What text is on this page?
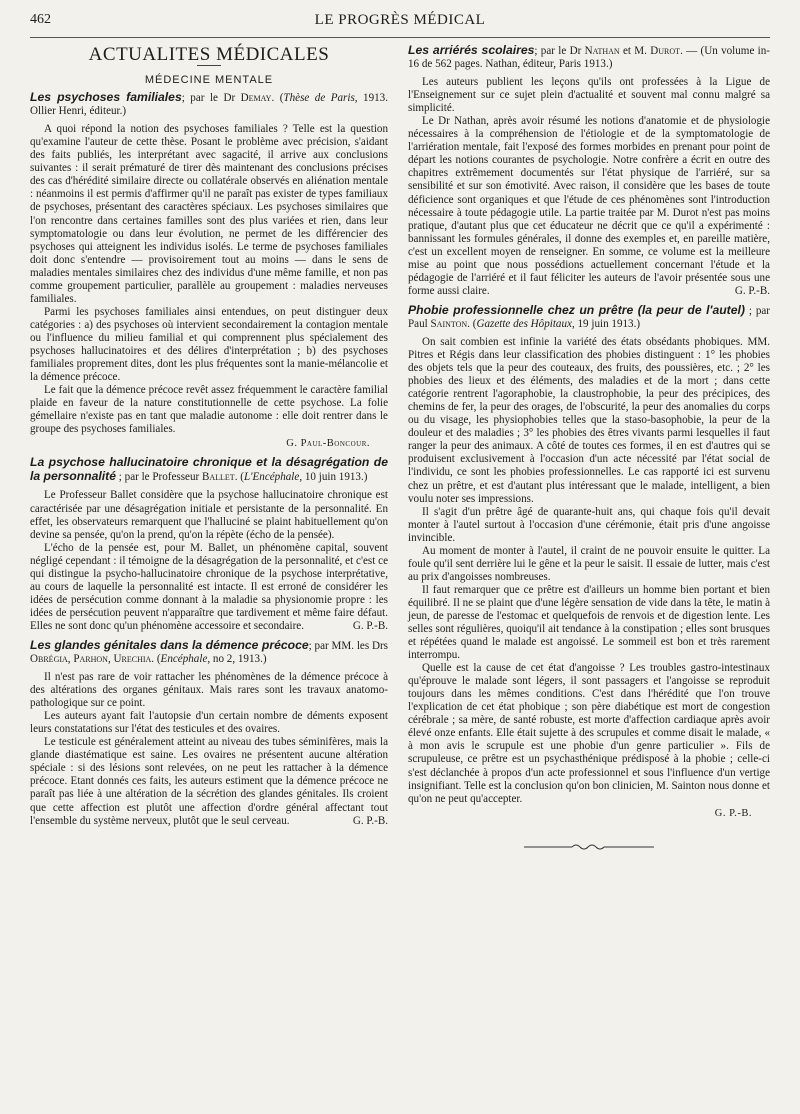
462	LE PROGRÈS MÉDICAL
ACTUALITES MÉDICALES
MÉDECINE MENTALE

Les psychoses familiales; par le Dr Demay. (Thèse de Paris, 1913. Ollier Henri, éditeur.)

A quoi répond la notion des psychoses familiales ? Telle est la question qu'examine l'auteur de cette thèse. Posant le problème avec précision, s'aidant des faits publiés, les interprétant avec sagacité, il arrive aux conclusions suivantes : il serait prématuré de tirer dès maintenant des conclusions précises des cas d'hérédité similaire directe ou collatérale observés en aliénation mentale : néanmoins il est permis d'affirmer qu'il ne paraît pas exister de types familiaux de psychoses, présentant des caractères spéciaux. Les psychoses similaires que l'on rencontre dans certaines familles sont des plus variées et rien, dans leur symptomatologie ou dans leur évolution, ne permet de les différencier des psychoses qui atteignent les individus isolés. Le terme de psychoses familiales doit donc s'entendre — provisoirement tout au moins — dans le sens de maladies mentales similaires chez des individus d'une même famille, et non pas comme groupement particulier, parallèle au groupement : maladies nerveuses familiales.

Parmi les psychoses familiales ainsi entendues, on peut distinguer deux catégories : a) des psychoses où intervient secondairement la contagion mentale ou l'influence du milieu familial et qui comprennent plus spécialement des psychoses hallucinatoires et des délires d'interprétation ; b) des psychoses familiales proprement dites, dont les plus fréquentes sont la manie-mélancolie et la démence précoce.

Le fait que la démence précoce revêt assez fréquemment le caractère familial plaide en faveur de la nature constitutionnelle de cette psychose. La folie gémellaire n'existe pas en tant que maladie autonome : elle doit rentrer dans le groupe des psychoses familiales.

G. Paul-Boncour.

La psychose hallucinatoire chronique et la désagrégation de la personnalité ; par le Professeur Ballet. (L'Encéphale, 10 juin 1913.)

Le Professeur Ballet considère que la psychose hallucinatoire chronique est caractérisée par une désagrégation initiale et persistante de la personnalité. En effet, les observateurs remarquent que l'halluciné se plaint habituellement qu'on devine sa pensée, qu'on la prend, qu'on la répète (écho de la pensée).

L'écho de la pensée est, pour M. Ballet, un phénomène capital, souvent négligé cependant : il témoigne de la désagrégation de la personnalité, et c'est ce qui distingue la psycho-hallucinatoire chronique de la psychose interprétative, au cours de laquelle la personnalité est intacte. Il est erroné de considérer les idées de persécution comme donnant à la maladie sa physionomie propre : les idées de persécution peuvent n'apparaître que tardivement et même faire défaut. Elles ne sont donc qu'un phénomène accessoire et secondaire.	G. P.-B.

Les glandes génitales dans la démence précoce; par MM. les Drs Obrégia, Parhon, Urechia. (Encéphale, no 2, 1913.)

Il n'est pas rare de voir rattacher les phénomènes de la démence précoce à des altérations des organes génitaux. Mais rares sont les travaux anatomo-pathologique sur ce point.

Les auteurs ayant fait l'autopsie d'un certain nombre de déments exposent leurs constatations sur l'état des testicules et des ovaires.

Le testicule est généralement atteint au niveau des tubes séminifères, mais la glande diastématique est saine. Les ovaires ne présentent aucune altération spéciale : si des lésions sont relevées, on ne peut les rattacher à la démence précoce. Etant donnés ces faits, les auteurs estiment que la démence précoce ne paraît pas liée à une altération de la sécrétion des glandes génitales. Ils croient que cette affection est plutôt une affection d'ordre général affectant tout l'ensemble du système nerveux, plutôt que le seul cerveau.	G. P.-B.

Les arriérés scolaires; par le Dr Nathan et M. Durot. — (Un volume in-16 de 562 pages. Nathan, éditeur, Paris 1913.)

Les auteurs publient les leçons qu'ils ont professées à la Ligue de l'Enseignement sur ce sujet plein d'actualité et souvent mal connu malgré sa simplicité.

Le Dr Nathan, après avoir résumé les notions d'anatomie et de physiologie nécessaires à la compréhension de l'étiologie et de la symptomatologie de l'arriération mentale, fait l'exposé des formes morbides en prenant pour point de départ les notions courantes de psychologie. Notre confrère a écrit en outre des chapitres extrêmement documentés sur l'état physique de l'arriéré, sur sa sensibilité et sur son émotivité. Avec raison, il considère que les bases de toute déficience sont organiques et que l'étude de ces phénomènes sont l'introduction nécessaire à toute pédagogie utile. La partie traitée par M. Durot n'est pas moins pratique, d'autant plus que cet éducateur ne décrit que ce qu'il a expérimenté : bannissant les formules générales, il donne des exemples et, en pareille matière, c'est un excellent moyen de renseigner. En somme, ce volume est la meilleure mise au point que nous possédions actuellement concernant l'étude et la pédagogie de l'arriéré et il faut féliciter les auteurs de l'avoir présentée sous une forme aussi claire.	G. P.-B.

Phobie professionnelle chez un prêtre (la peur de l'autel) ; par Paul Sainton. (Gazette des Hôpitaux, 19 juin 1913.)

On sait combien est infinie la variété des états obsédants phobiques. MM. Pitres et Régis dans leur classification des phobies distinguent : 1° les phobies des objets tels que la peur des couteaux, des fruits, des poussières, etc. ; 2° les phobies des lieux et des éléments, des maladies et de la mort ; dans cette catégorie rentrent l'agoraphobie, la claustrophobie, la peur des précipices, des chemins de fer, la peur des orages, de l'obscurité, la peur des anomalies du corps ou du visage, les physiophobies telles que la staso-basophobie, la peur de la douleur et des maladies ; 3° les phobies des êtres vivants parmi lesquelles il faut ranger la peur des animaux. A côté de toutes ces formes, il en est d'autres qui se produisent exclusivement à l'occasion d'un acte nécessité par l'état social de l'individu, ce sont les phobies professionnelles. Le cas rapporté ici est survenu chez un prêtre, et est d'autant plus intéressant que le malade, intelligent, a bien voulu noter ses impressions.

Il s'agit d'un prêtre âgé de quarante-huit ans, qui chaque fois qu'il devait monter à l'autel surtout à l'occasion d'une cérémonie, était pris d'une angoisse invincible.

Au moment de monter à l'autel, il craint de ne pouvoir ensuite le quitter. La foule qu'il sent derrière lui le gêne et la peur le saisit. Il essaie de lutter, mais c'est au prix d'angoisses nombreuses.

Il faut remarquer que ce prêtre est d'ailleurs un homme bien portant et bien équilibré. Il ne se plaint que d'une légère sensation de vide dans la tête, le matin à jeun, de paresse de l'estomac et quelquefois de renvois et de digestion lente. Les selles sont régulières, quoiqu'il ait tendance à la constipation ; elles sont brusques et répétées quand le malade est angoissé. Le sommeil est bon et très rarement interrompu.

Quelle est la cause de cet état d'angoisse ? Les troubles gastro-intestinaux qu'éprouve le malade sont légers, il sont passagers et l'angoisse se reproduit toujours dans les mêmes conditions. C'est dans l'hérédité que l'on trouve l'explication de cet état phobique ; son père diabétique est mort de congestion cérébrale ; sa mère, de santé robuste, est morte d'affection cardiaque après avoir élevé onze enfants. Elle était sujette à des scrupules et comme disait le malade, « à mon avis le scrupule est une phobie d'un genre particulier ». Fils de scrupuleuse, ce prêtre est un psychasthénique prédisposé à la phobie ; celle-ci s'est déclanchée à propos d'un acte professionnel et sous l'influence d'un vertige insignifiant. Telle est la conclusion qu'on bon clinicien, M. Sainton nous donne et qu'on ne peut qu'accepter.

G. P.-B.
